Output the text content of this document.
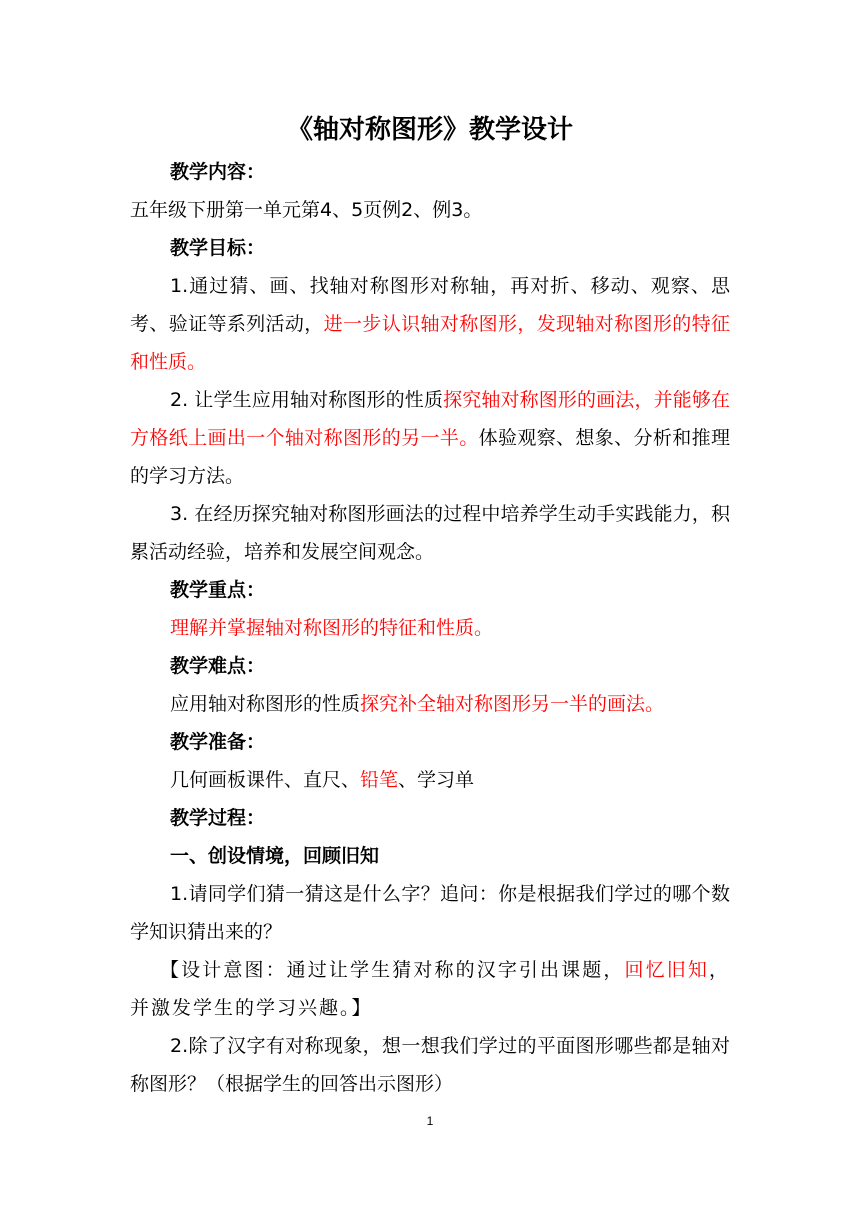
《轴对称图形》教学设计

教学内容：

五年级下册第一单元第4、5页例2、例3。

教学目标：

1.通过猜、画、找轴对称图形对称轴，再对折、移动、观察、思考、验证等系列活动，进一步认识轴对称图形，发现轴对称图形的特征和性质。

2. 让学生应用轴对称图形的性质探究轴对称图形的画法，并能够在方格纸上画出一个轴对称图形的另一半。体验观察、想象、分析和推理的学习方法。

3. 在经历探究轴对称图形画法的过程中培养学生动手实践能力，积累活动经验，培养和发展空间观念。

教学重点：

理解并掌握轴对称图形的特征和性质。

教学难点：

应用轴对称图形的性质探究补全轴对称图形另一半的画法。

教学准备：

几何画板课件、直尺、铅笔、学习单

教学过程：

一、创设情境，回顾旧知

1.请同学们猜一猜这是什么字？追问：你是根据我们学过的哪个数学知识猜出来的？

【设计意图：通过让学生猜对称的汉字引出课题，回忆旧知，并激发学生的学习兴趣。】

2.除了汉字有对称现象，想一想我们学过的平面图形哪些都是轴对称图形？（根据学生的回答出示图形）

1
